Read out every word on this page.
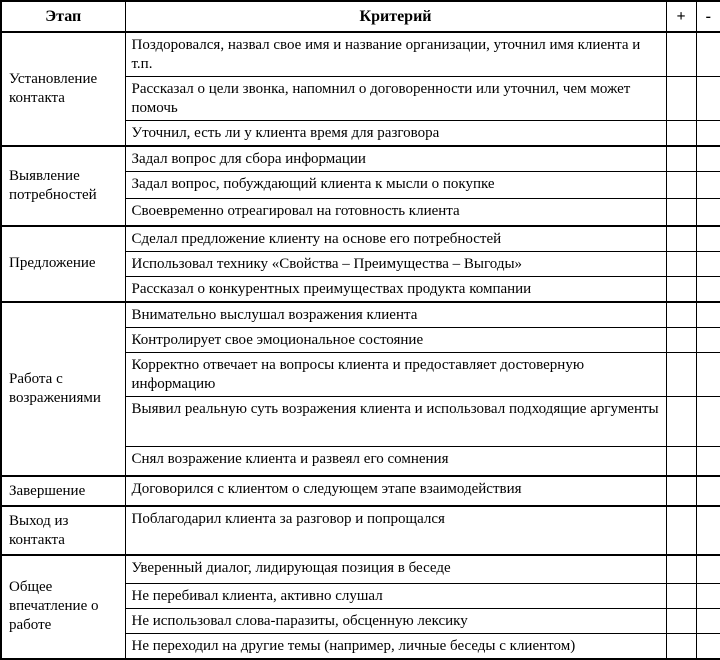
Этап	Критерий	+	-
Установление контакта	Поздоровался, назвал свое имя и название организации, уточнил имя клиента и т.п.		
	Рассказал о цели звонка, напомнил о договоренности или уточнил, чем может помочь		
	Уточнил, есть ли у клиента время для разговора		
Выявление потребностей	Задал вопрос для сбора информации		
	Задал вопрос, побуждающий клиента к мысли о покупке		
	Своевременно отреагировал на готовность клиента		
Предложение	Сделал предложение клиенту на основе его потребностей		
	Использовал технику «Свойства – Преимущества – Выгоды»		
	Рассказал о конкурентных преимуществах продукта компании		
Работа с возражениями	Внимательно выслушал возражения клиента		
	Контролирует свое эмоциональное состояние		
	Корректно отвечает на вопросы клиента и предоставляет достоверную информацию		
	Выявил реальную суть возражения клиента и использовал подходящие аргументы		
	Снял возражение клиента и развеял его сомнения		
Завершение	Договорился с клиентом о следующем этапе взаимодействия		
Выход из контакта	Поблагодарил клиента за разговор и попрощался		
Общее впечатление о работе	Уверенный диалог, лидирующая позиция в беседе		
	Не перебивал клиента, активно слушал		
	Не использовал слова-паразиты, обсценную лексику		
	Не переходил на другие темы (например, личные беседы с клиентом)		
